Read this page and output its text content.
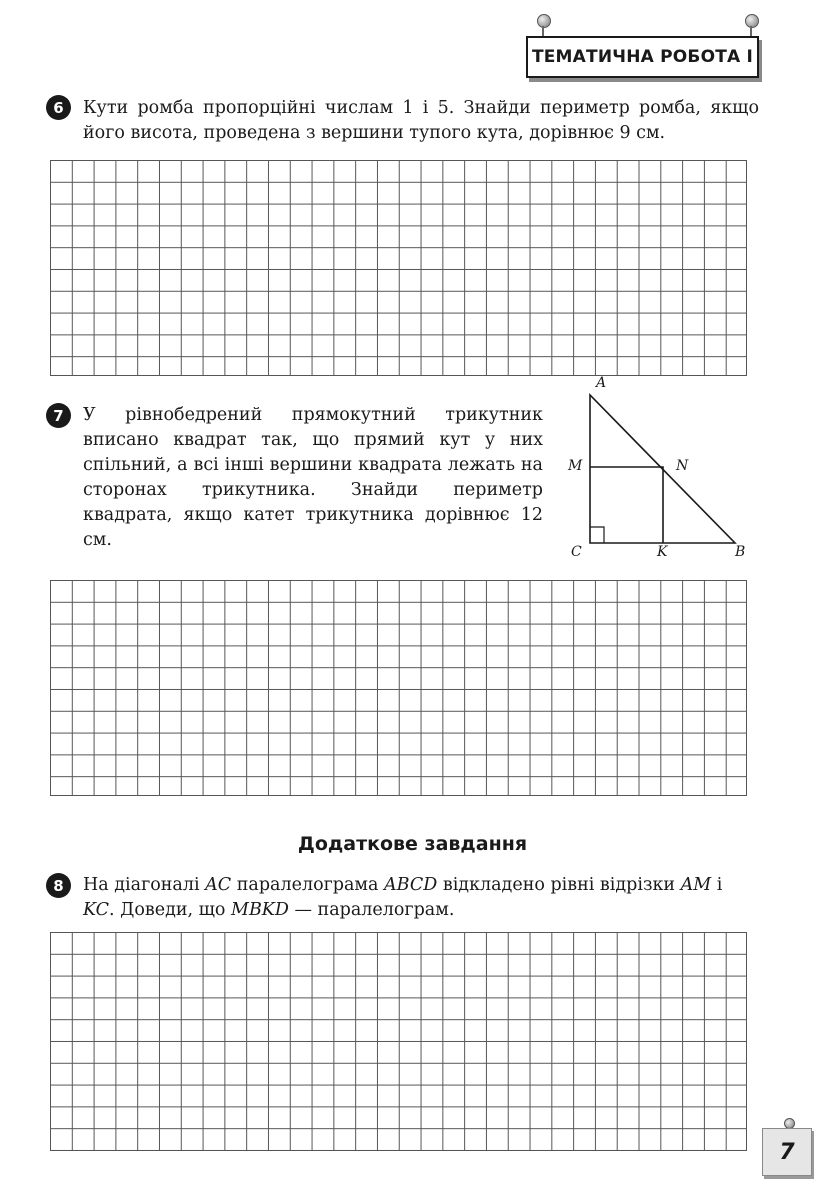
ТЕМАТИЧНА РОБОТА І
6 Кути ромба пропорційні числам 1 і 5. Знайди периметр ромба, якщо його висота, проведена з вершини тупого кута, дорівнює 9 см.
7 У рівнобедрений прямокутний трикутник вписано квадрат так, що прямий кут у них спільний, а всі інші вершини квадрата лежать на сторонах трикутника. Знайди периметр квадрата, якщо катет трикутника дорівнює 12 см.
A
M	N
C	K	B
Додаткове завдання
8 На діагоналі AC паралелограма ABCD відкладено рівні відрізки AM і
KC. Доведи, що MBKD — паралелограм.
7
